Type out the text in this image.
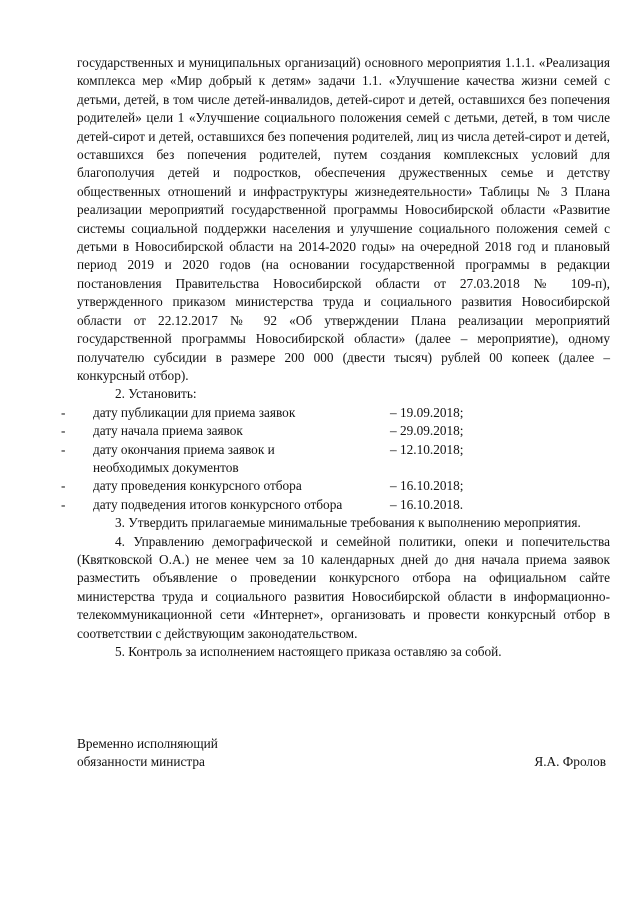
государственных и муниципальных организаций) основного мероприятия 1.1.1. «Реализация комплекса мер «Мир добрый к детям» задачи 1.1. «Улучшение качества жизни семей с детьми, детей, в том числе детей-инвалидов, детей-сирот и детей, оставшихся без попечения родителей» цели 1 «Улучшение социального положения семей с детьми, детей, в том числе детей-сирот и детей, оставшихся без попечения родителей, лиц из числа детей-сирот и детей, оставшихся без попечения родителей, путем создания комплексных условий для благополучия детей и подростков, обеспечения дружественных семье и детству общественных отношений и инфраструктуры жизнедеятельности» Таблицы № 3 Плана реализации мероприятий государственной программы Новосибирской области «Развитие системы социальной поддержки населения и улучшение социального положения семей с детьми в Новосибирской области на 2014-2020 годы» на очередной 2018 год и плановый период 2019 и 2020 годов (на основании государственной программы в редакции постановления Правительства Новосибирской области от 27.03.2018 № 109-п), утвержденного приказом министерства труда и социального развития Новосибирской области от 22.12.2017 № 92 «Об утверждении Плана реализации мероприятий государственной программы Новосибирской области» (далее – мероприятие), одному получателю субсидии в размере 200 000 (двести тысяч) рублей 00 копеек (далее – конкурсный отбор).

2. Установить:

-	дату публикации для приема заявок	– 19.09.2018;
-	дату начала приема заявок	– 29.09.2018;
-	дату окончания приема заявок и	– 12.10.2018;
необходимых документов
-	дату проведения конкурсного отбора	– 16.10.2018;
-	дату подведения итогов конкурсного отбора	– 16.10.2018.

3. Утвердить прилагаемые минимальные требования к выполнению мероприятия.

4. Управлению демографической и семейной политики, опеки и попечительства (Квятковской О.А.) не менее чем за 10 календарных дней до дня начала приема заявок разместить объявление о проведении конкурсного отбора на официальном сайте министерства труда и социального развития Новосибирской области в информационно-телекоммуникационной сети «Интернет», организовать и провести конкурсный отбор в соответствии с действующим законодательством.

5. Контроль за исполнением настоящего приказа оставляю за собой.

Временно исполняющий
обязанности министра	Я.А. Фролов
